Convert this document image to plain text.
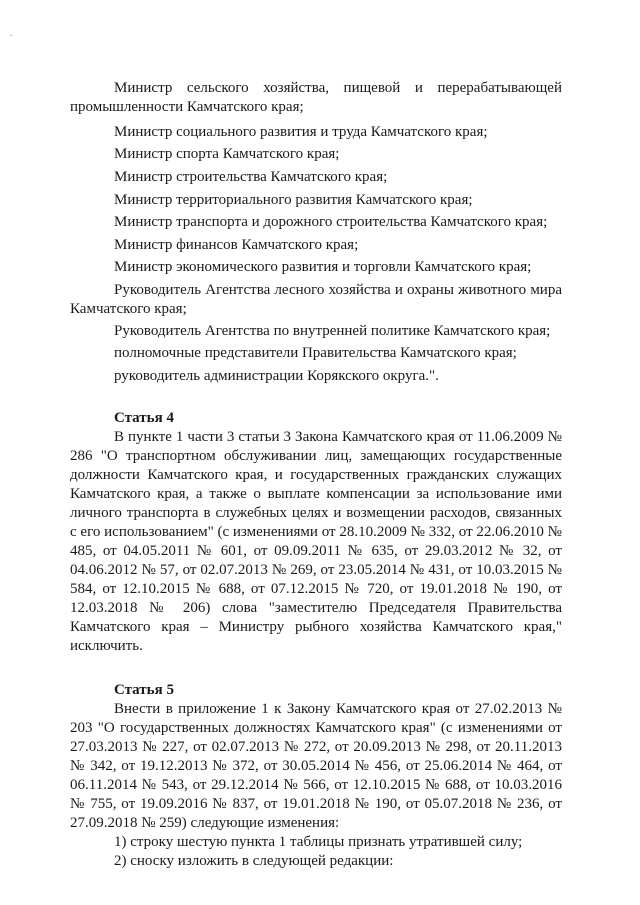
.

Министр сельского хозяйства, пищевой и перерабатывающей промышленности Камчатского края;

Министр социального развития и труда Камчатского края;

Министр спорта Камчатского края;

Министр строительства Камчатского края;

Министр территориального развития Камчатского края;

Министр транспорта и дорожного строительства Камчатского края;

Министр финансов Камчатского края;

Министр экономического развития и торговли Камчатского края;

Руководитель Агентства лесного хозяйства и охраны животного мира Камчатского края;

Руководитель Агентства по внутренней политике Камчатского края;

полномочные представители Правительства Камчатского края;

руководитель администрации Корякского округа.".

Статья 4

В пункте 1 части 3 статьи 3 Закона Камчатского края от 11.06.2009 № 286 "О транспортном обслуживании лиц, замещающих государственные должности Камчатского края, и государственных гражданских служащих Камчатского края, а также о выплате компенсации за использование ими личного транспорта в служебных целях и возмещении расходов, связанных с его использованием" (с изменениями от 28.10.2009 № 332, от 22.06.2010 № 485, от 04.05.2011 № 601, от 09.09.2011 № 635, от 29.03.2012 № 32, от 04.06.2012 № 57, от 02.07.2013 № 269, от 23.05.2014 № 431, от 10.03.2015 № 584, от 12.10.2015 № 688, от 07.12.2015 № 720, от 19.01.2018 № 190, от 12.03.2018 № 206) слова "заместителю Председателя Правительства Камчатского края – Министру рыбного хозяйства Камчатского края," исключить.

Статья 5

Внести в приложение 1 к Закону Камчатского края от 27.02.2013 № 203 "О государственных должностях Камчатского края" (с изменениями от 27.03.2013 № 227, от 02.07.2013 № 272, от 20.09.2013 № 298, от 20.11.2013 № 342, от 19.12.2013 № 372, от 30.05.2014 № 456, от 25.06.2014 № 464, от 06.11.2014 № 543, от 29.12.2014 № 566, от 12.10.2015 № 688, от 10.03.2016 № 755, от 19.09.2016 № 837, от 19.01.2018 № 190, от 05.07.2018 № 236, от 27.09.2018 № 259) следующие изменения:

1) строку шестую пункта 1 таблицы признать утратившей силу;

2) сноску изложить в следующей редакции:
